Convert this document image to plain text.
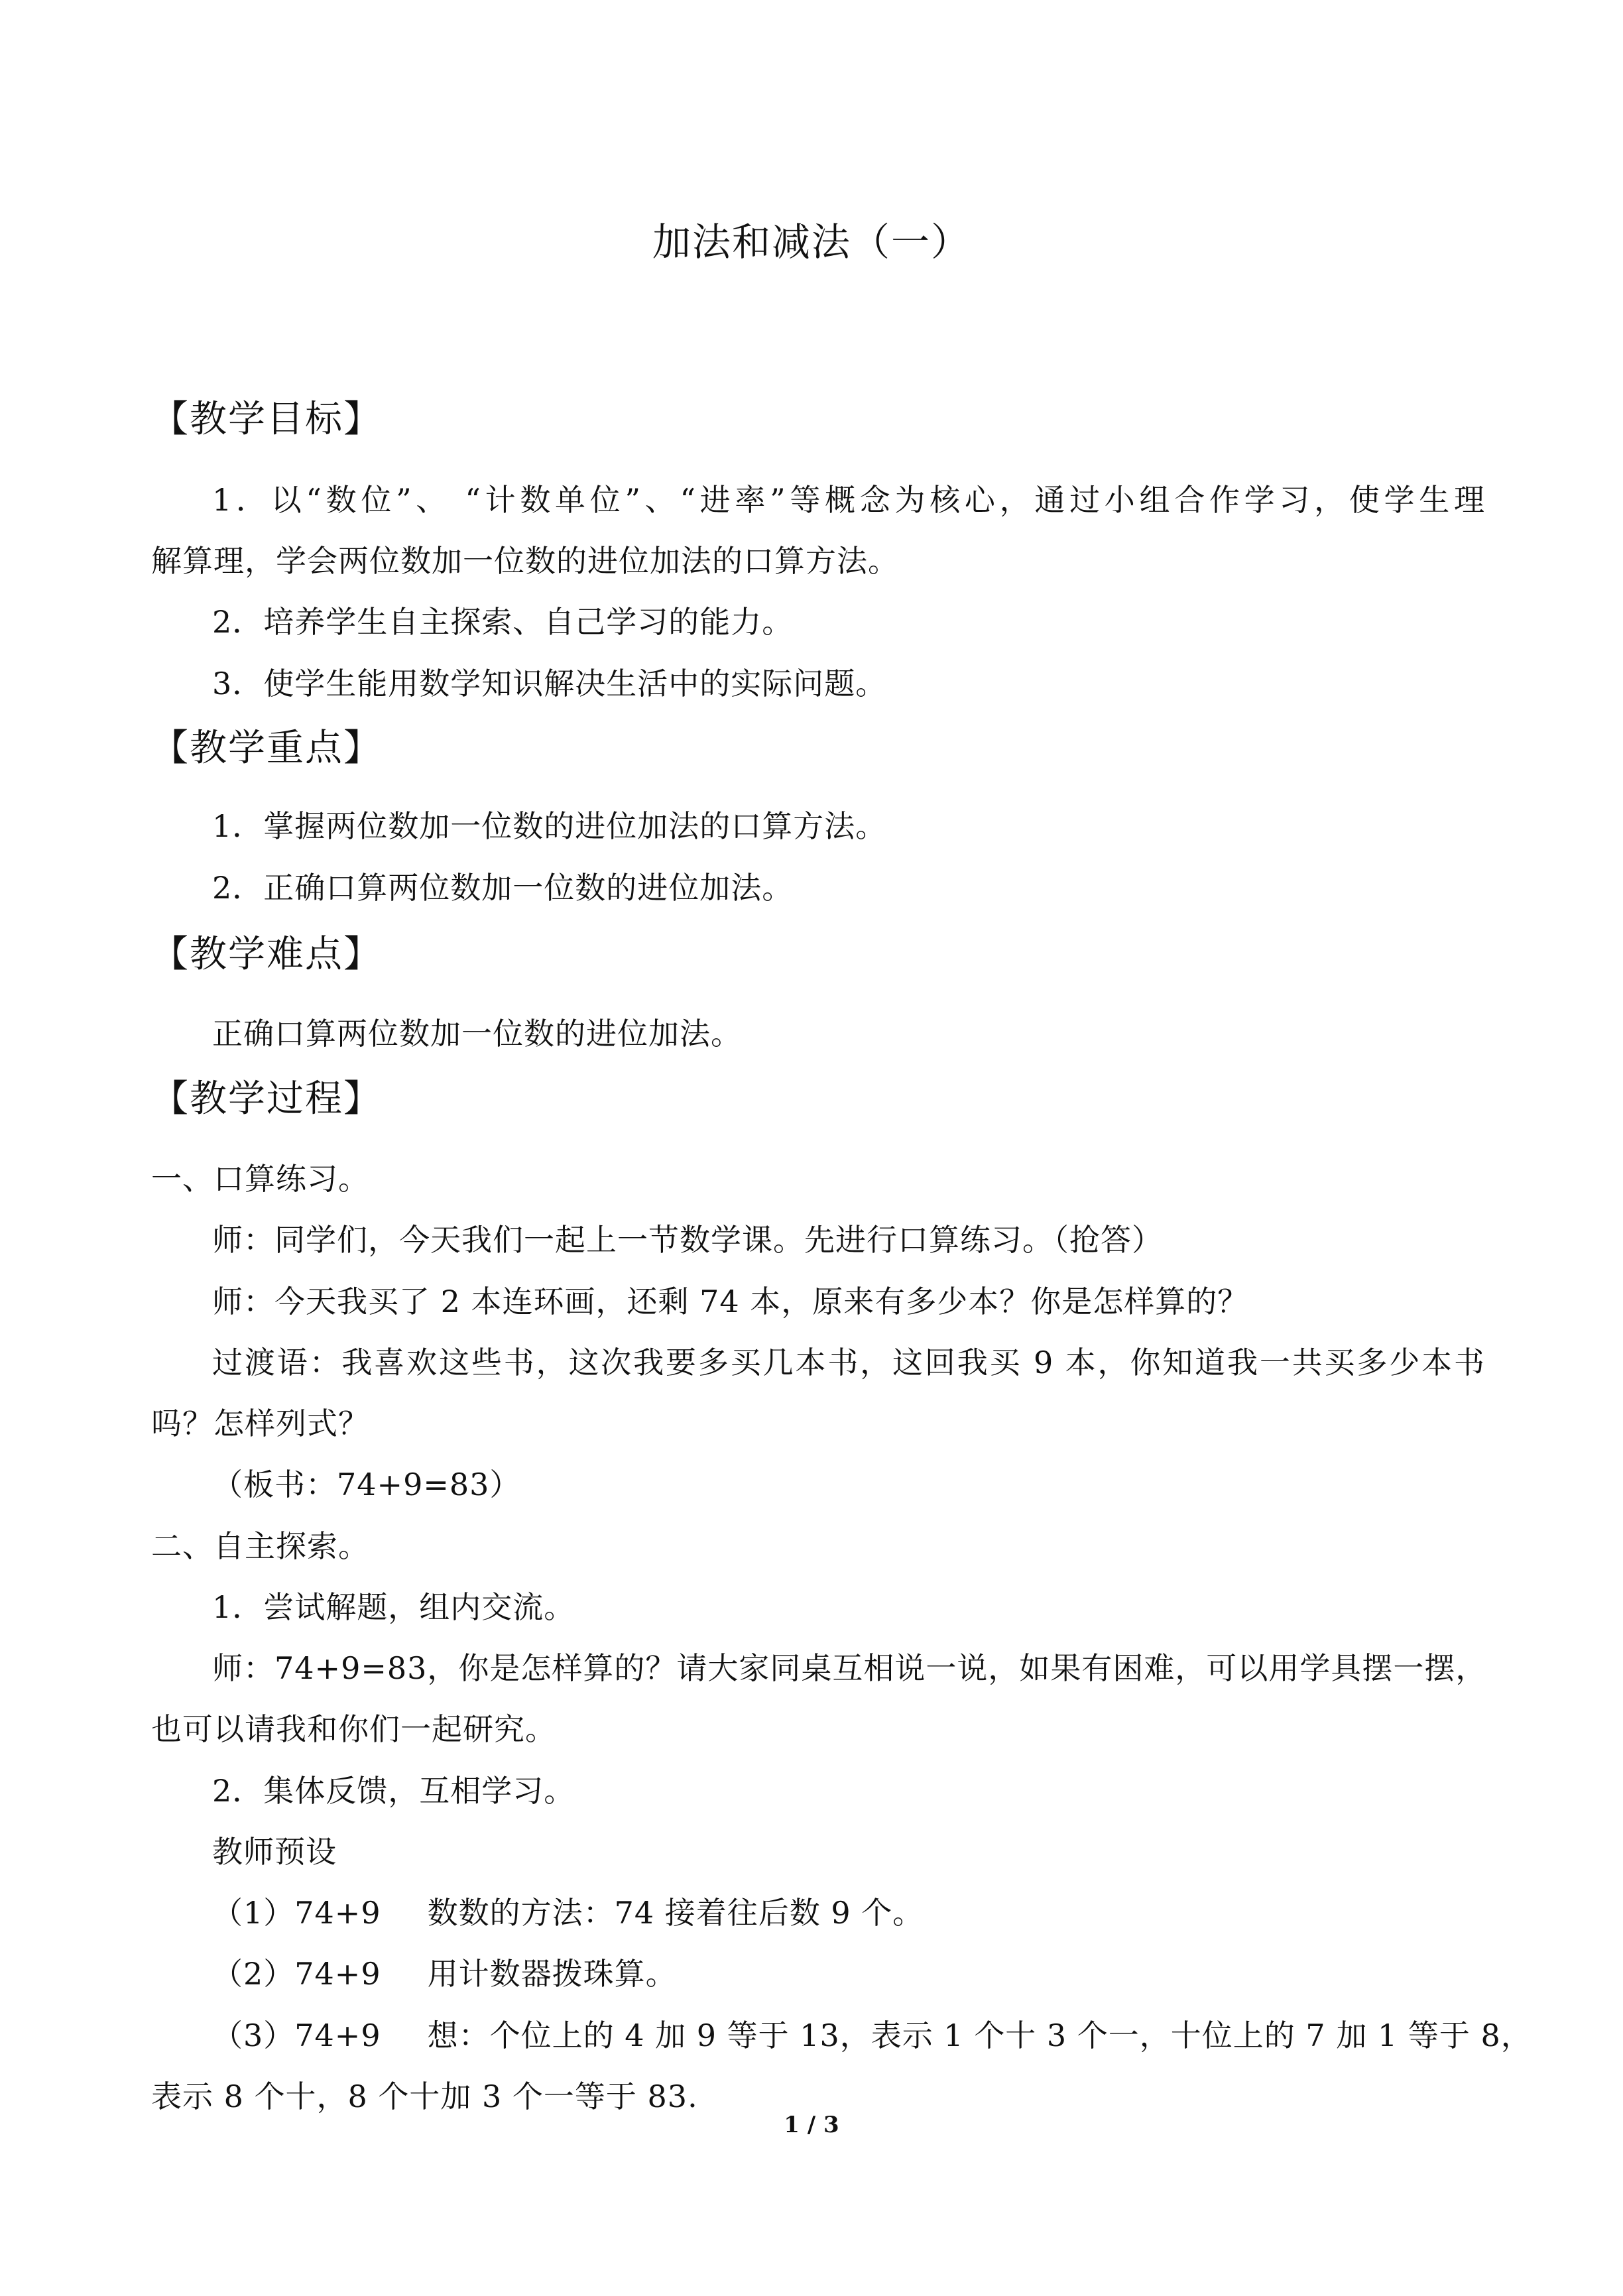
加法和减法（一）
【教学目标】
1．以“数位”、 “计数单位”、“进率”等概念为核心，通过小组合作学习，使学生理
解算理，学会两位数加一位数的进位加法的口算方法。
2．培养学生自主探索、自己学习的能力。
3．使学生能用数学知识解决生活中的实际问题。
【教学重点】
1．掌握两位数加一位数的进位加法的口算方法。
2．正确口算两位数加一位数的进位加法。
【教学难点】
正确口算两位数加一位数的进位加法。
【教学过程】
一、口算练习。
师：同学们，今天我们一起上一节数学课。先进行口算练习。（抢答）
师：今天我买了 2 本连环画，还剩 74 本，原来有多少本？你是怎样算的？
过渡语：我喜欢这些书，这次我要多买几本书，这回我买 9 本，你知道我一共买多少本书
吗？怎样列式？
（板书：74+9=83）
二、自主探索。
1．尝试解题，组内交流。
师：74+9=83，你是怎样算的？请大家同桌互相说一说，如果有困难，可以用学具摆一摆，
也可以请我和你们一起研究。
2．集体反馈，互相学习。
教师预设
（1）74+9 数数的方法：74 接着往后数 9 个。
（2）74+9 用计数器拨珠算。
（3）74+9 想：个位上的 4 加 9 等于 13，表示 1 个十 3 个一，十位上的 7 加 1 等于 8，
表示 8 个十，8 个十加 3 个一等于 83.
1 / 3
